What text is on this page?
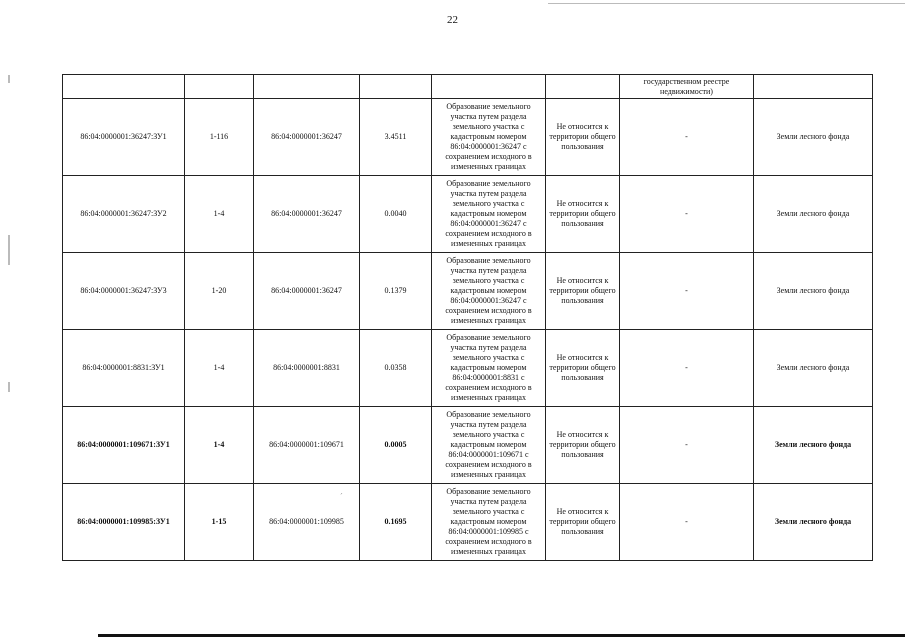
22
						государственном реестре недвижимости)	
86:04:0000001:36247:ЗУ1	1-116	86:04:0000001:36247	3.4511	Образование земельного участка путем раздела земельного участка с кадастровым номером 86:04:0000001:36247 с сохранением исходного в измененных границах	Не относится к территории общего пользования	-	Земли лесного фонда
86:04:0000001:36247:ЗУ2	1-4	86:04:0000001:36247	0.0040	Образование земельного участка путем раздела земельного участка с кадастровым номером 86:04:0000001:36247 с сохранением исходного в измененных границах	Не относится к территории общего пользования	-	Земли лесного фонда
86:04:0000001:36247:ЗУ3	1-20	86:04:0000001:36247	0.1379	Образование земельного участка путем раздела земельного участка с кадастровым номером 86:04:0000001:36247 с сохранением исходного в измененных границах	Не относится к территории общего пользования	-	Земли лесного фонда
86:04:0000001:8831:ЗУ1	1-4	86:04:0000001:8831	0.0358	Образование земельного участка путем раздела земельного участка с кадастровым номером 86:04:0000001:8831 с сохранением исходного в измененных границах	Не относится к территории общего пользования	-	Земли лесного фонда
86:04:0000001:109671:ЗУ1	1-4	86:04:0000001:109671	0.0005	Образование земельного участка путем раздела земельного участка с кадастровым номером 86:04:0000001:109671 с сохранением исходного в измененных границах	Не относится к территории общего пользования	-	Земли лесного фонда
86:04:0000001:109985:ЗУ1	1-15	86:04:0000001:109985	0.1695	Образование земельного участка путем раздела земельного участка с кадастровым номером 86:04:0000001:109985 с сохранением исходного в измененных границах	Не относится к территории общего пользования	-	Земли лесного фонда
´
